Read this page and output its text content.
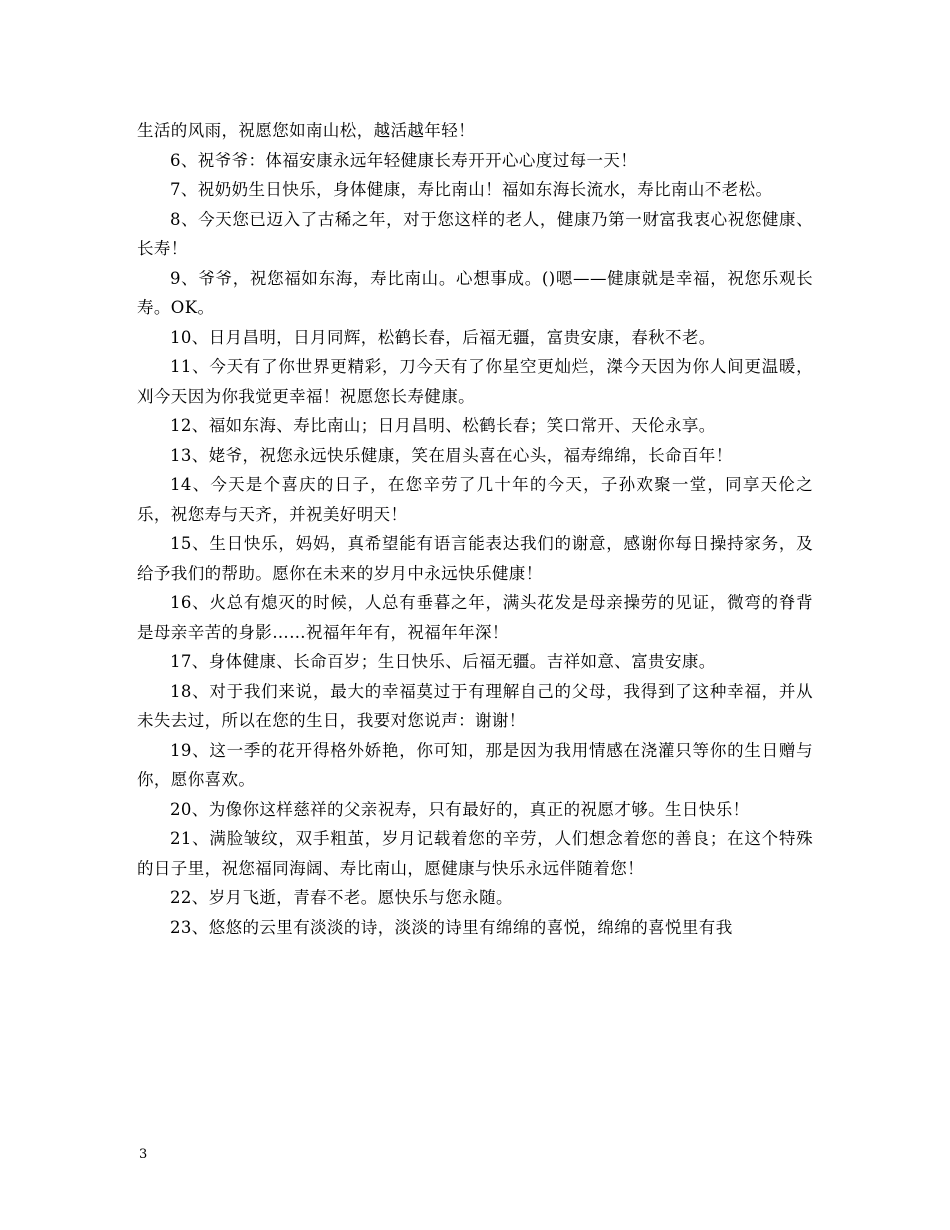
生活的风雨，祝愿您如南山松，越活越年轻！

6、祝爷爷：体福安康永远年轻健康长寿开开心心度过每一天！

7、祝奶奶生日快乐，身体健康，寿比南山！福如东海长流水，寿比南山不老松。

8、今天您已迈入了古稀之年，对于您这样的老人，健康乃第一财富我衷心祝您健康、长寿！

9、爷爷，祝您福如东海，寿比南山。心想事成。()嗯——健康就是幸福，祝您乐观长寿。OK。

10、日月昌明，日月同辉，松鹤长春，后福无疆，富贵安康，春秋不老。

11、今天有了你世界更精彩，刀今天有了你星空更灿烂，滐今天因为你人间更温暖，刈今天因为你我觉更幸福！祝愿您长寿健康。

12、福如东海、寿比南山；日月昌明、松鹤长春；笑口常开、天伦永享。

13、姥爷，祝您永远快乐健康，笑在眉头喜在心头，福寿绵绵，长命百年！

14、今天是个喜庆的日子，在您辛劳了几十年的今天，子孙欢聚一堂，同享天伦之乐，祝您寿与天齐，并祝美好明天！

15、生日快乐，妈妈，真希望能有语言能表达我们的谢意，感谢你每日操持家务，及给予我们的帮助。愿你在未来的岁月中永远快乐健康！

16、火总有熄灭的时候，人总有垂暮之年，满头花发是母亲操劳的见证，微弯的脊背是母亲辛苦的身影……祝福年年有，祝福年年深！

17、身体健康、长命百岁；生日快乐、后福无疆。吉祥如意、富贵安康。

18、对于我们来说，最大的幸福莫过于有理解自己的父母，我得到了这种幸福，并从未失去过，所以在您的生日，我要对您说声：谢谢！

19、这一季的花开得格外娇艳，你可知，那是因为我用情感在浇灌只等你的生日赠与你，愿你喜欢。

20、为像你这样慈祥的父亲祝寿，只有最好的，真正的祝愿才够。生日快乐！

21、满脸皱纹，双手粗茧，岁月记载着您的辛劳，人们想念着您的善良；在这个特殊的日子里，祝您福同海阔、寿比南山，愿健康与快乐永远伴随着您！

22、岁月飞逝，青春不老。愿快乐与您永随。

23、悠悠的云里有淡淡的诗，淡淡的诗里有绵绵的喜悦，绵绵的喜悦里有我

3
